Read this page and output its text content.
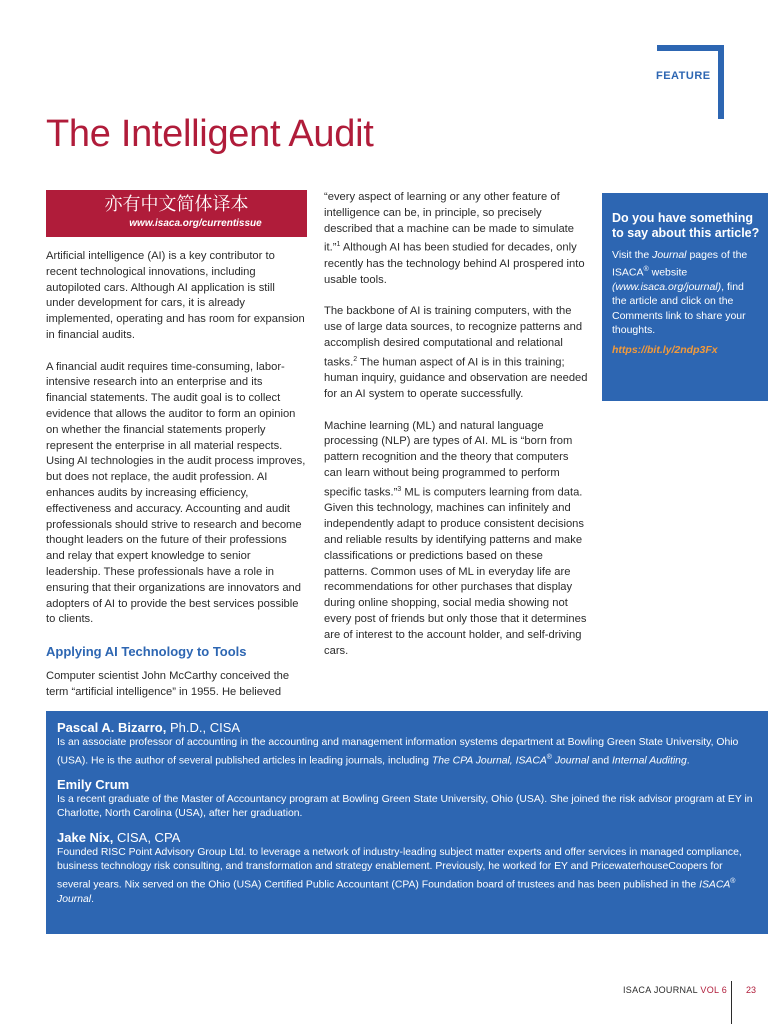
FEATURE
The Intelligent Audit
亦有中文简体译本
www.isaca.org/currentissue

Artificial intelligence (AI) is a key contributor to recent technological innovations, including autopiloted cars. Although AI application is still under development for cars, it is already implemented, operating and has room for expansion in financial audits.

A financial audit requires time-consuming, labor-intensive research into an enterprise and its financial statements. The audit goal is to collect evidence that allows the auditor to form an opinion on whether the financial statements properly represent the enterprise in all material respects. Using AI technologies in the audit process improves, but does not replace, the audit profession. AI enhances audits by increasing efficiency, effectiveness and accuracy. Accounting and audit professionals should strive to research and become thought leaders on the future of their professions and relay that expert knowledge to senior leadership. These professionals have a role in ensuring that their organizations are innovators and adopters of AI to provide the best services possible to clients.

Applying AI Technology to Tools

Computer scientist John McCarthy conceived the term “artificial intelligence” in 1955. He believed

“every aspect of learning or any other feature of intelligence can be, in principle, so precisely described that a machine can be made to simulate it.”$^1$ Although AI has been studied for decades, only recently has the technology behind AI prospered into usable tools.

The backbone of AI is training computers, with the use of large data sources, to recognize patterns and accomplish desired computational and relational tasks.$^2$ The human aspect of AI is in this training; human inquiry, guidance and observation are needed for an AI system to operate successfully.

Machine learning (ML) and natural language processing (NLP) are types of AI. ML is “born from pattern recognition and the theory that computers can learn without being programmed to perform specific tasks.”$^3$ ML is computers learning from data. Given this technology, machines can infinitely and independently adapt to produce consistent decisions and reliable results by identifying patterns and make classifications or predictions based on these patterns. Common uses of ML in everyday life are recommendations for other purchases that display during online shopping, social media showing not every post of friends but only those that it determines are of interest to the account holder, and self-driving cars.

Do you have something to say about this article?
Visit the Journal pages of the ISACA® website (www.isaca.org/journal), find the article and click on the Comments link to share your thoughts.
https://bit.ly/2ndp3Fx
Pascal A. Bizarro, Ph.D., CISA
Is an associate professor of accounting in the accounting and management information systems department at Bowling Green State University, Ohio (USA). He is the author of several published articles in leading journals, including The CPA Journal, ISACA® Journal and Internal Auditing.
Emily Crum
Is a recent graduate of the Master of Accountancy program at Bowling Green State University, Ohio (USA). She joined the risk advisor program at EY in Charlotte, North Carolina (USA), after her graduation.
Jake Nix, CISA, CPA
Founded RISC Point Advisory Group Ltd. to leverage a network of industry-leading subject matter experts and offer services in managed compliance, business technology risk consulting, and transformation and strategy enablement. Previously, he worked for EY and PricewaterhouseCoopers for several years. Nix served on the Ohio (USA) Certified Public Accountant (CPA) Foundation board of trustees and has been published in the ISACA® Journal.
ISACA JOURNAL VOL 6 23
